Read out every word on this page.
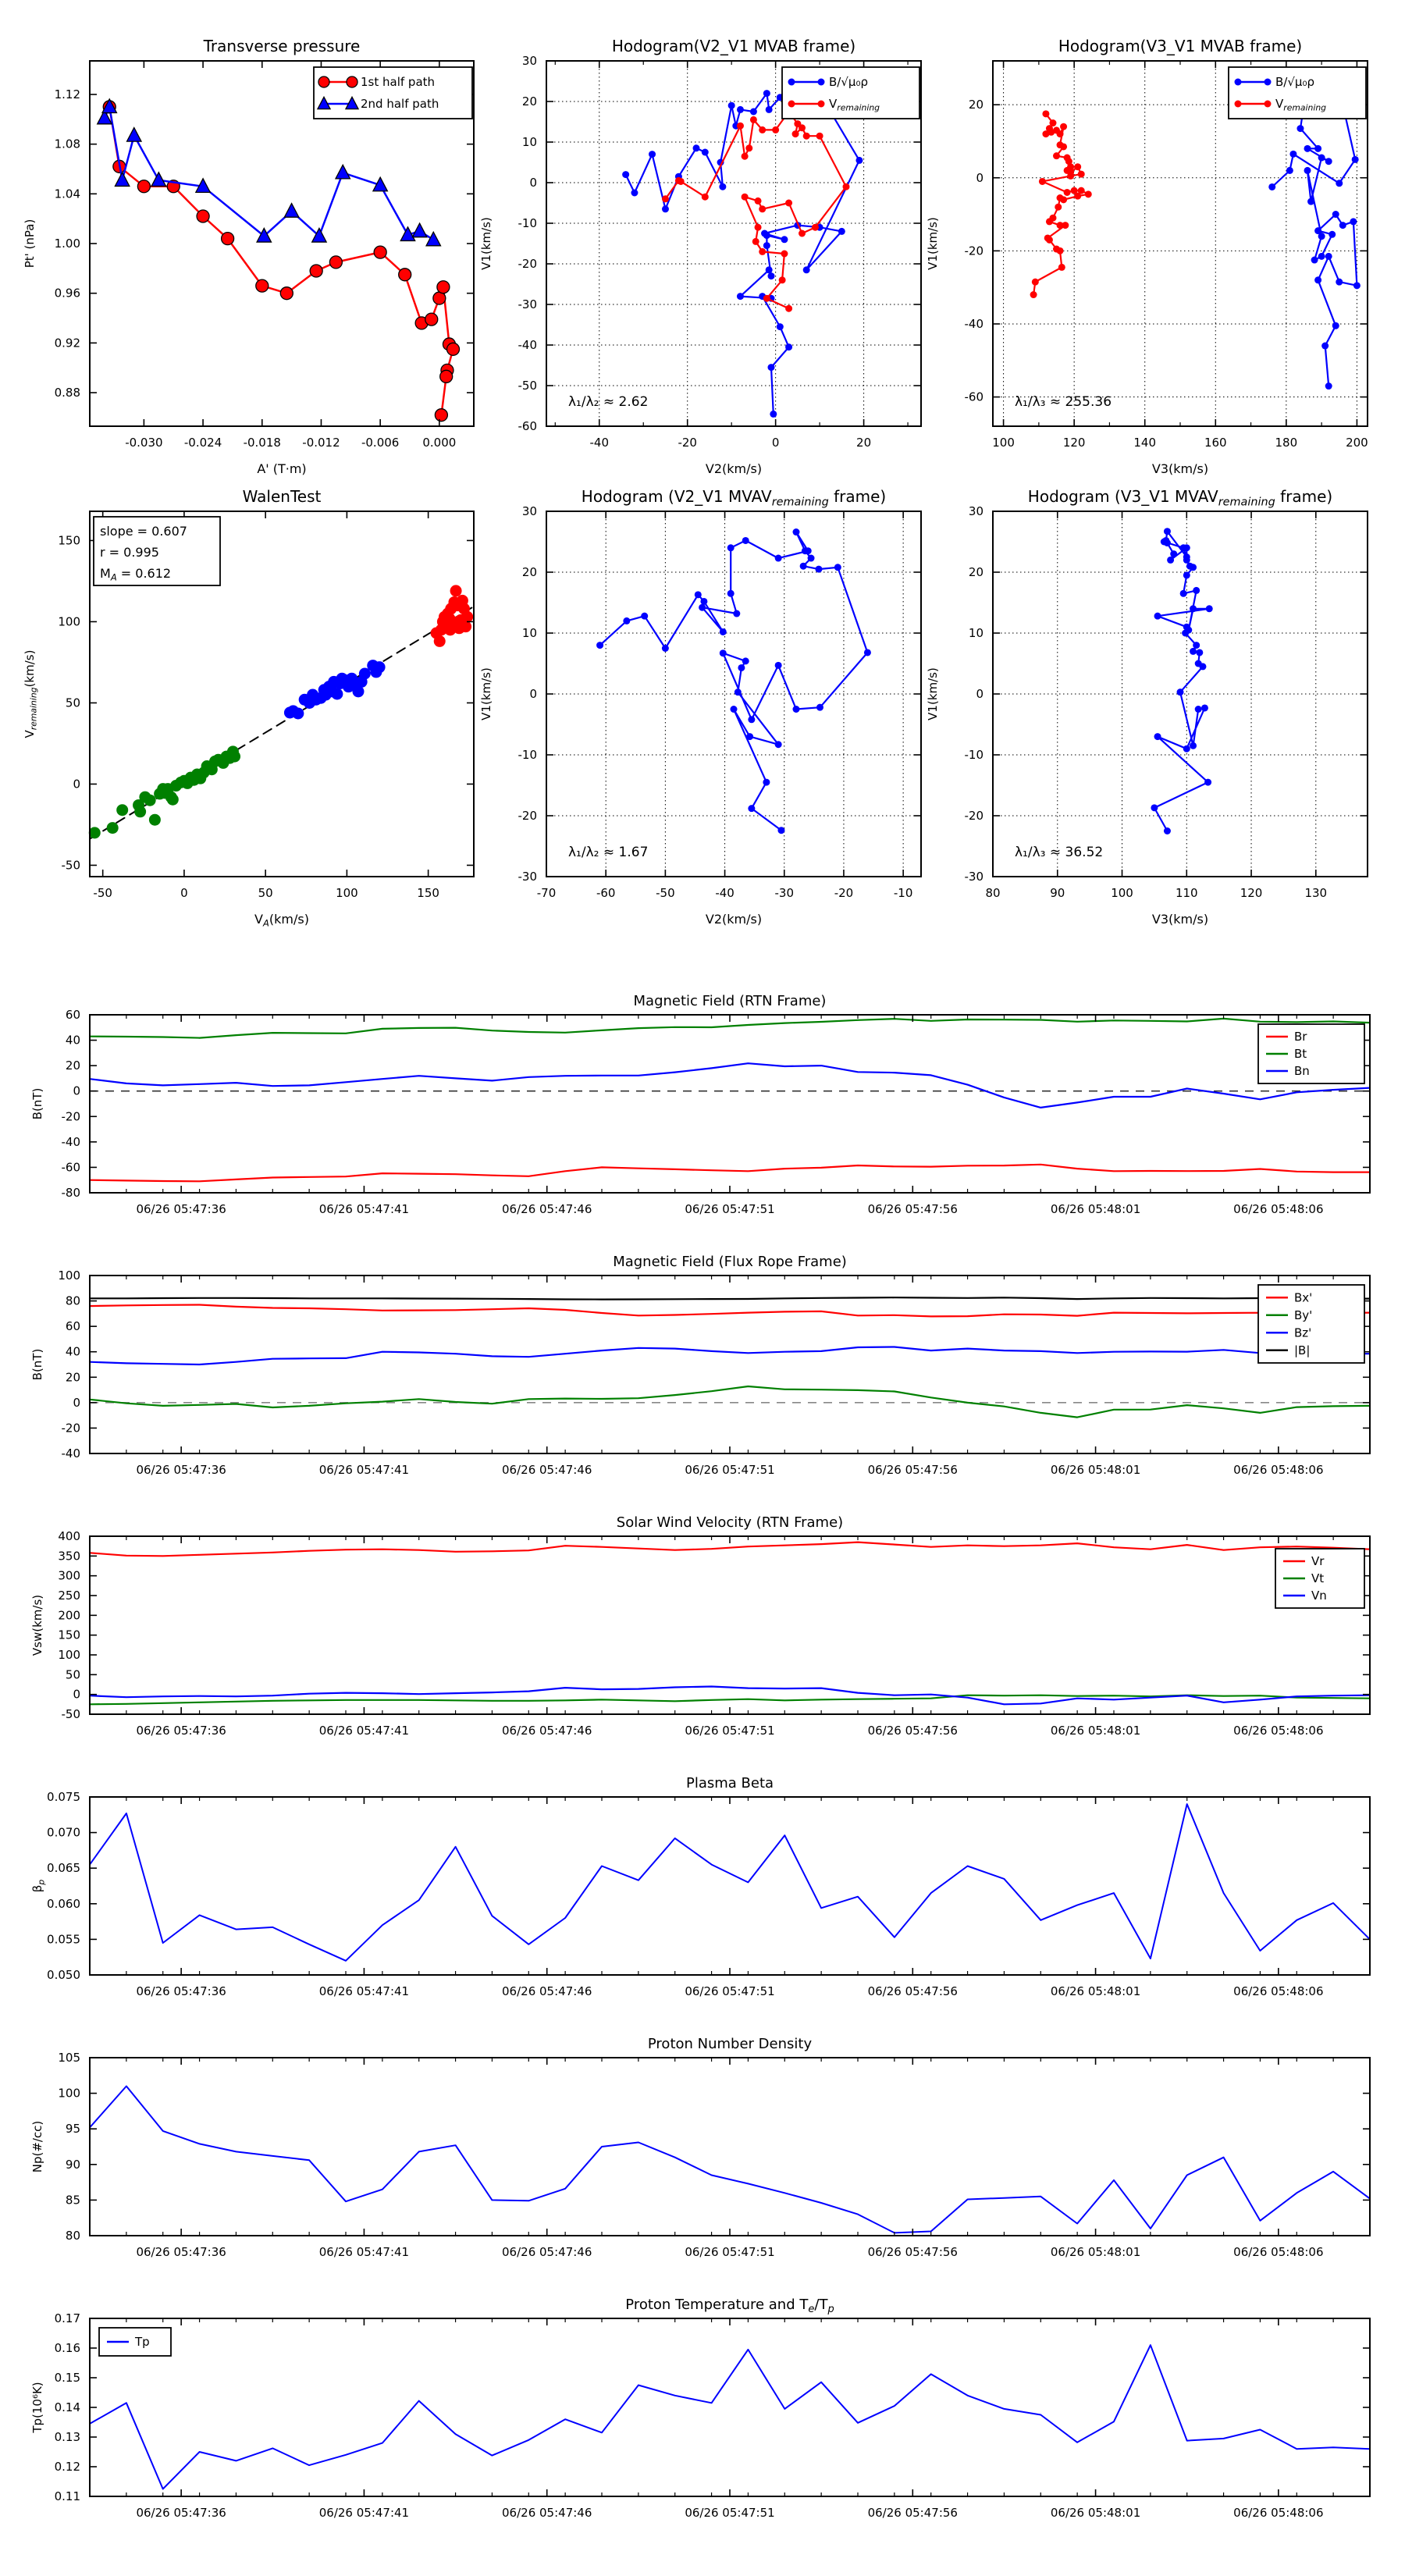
-0.030 -0.024 -0.018 -0.012 -0.006 0.000
1.12
1.08
1.04
1.00
0.96
0.92
0.88
Transverse pressure
A' (T·m)
Pt' (nPa)
1st half path
2nd half path
-40	-20	0	20
30
20
10
0
-10
-20
-30
-40
-50
-60
Hodogram(V2_V1 MVAB frame)
V2(km/s)
V1(km/s)
λ₁/λ₂ ≈ 2.62
B/√μ₀ρ
$V_{remaining}$
100	120	140	160	180	200
20
0
-20
-40
-60
Hodogram(V3_V1 MVAB frame)
V3(km/s)
V1(km/s)
λ₁/λ₃ ≈ 255.36
B/√μ₀ρ
$V_{remaining}$
-50	0	50	100	150
150
100
50
0
-50
WalenTest
$V_A(km/s)$
$V_{remaining}(km/s)$
slope = 0.607
r = 0.995
$M_A = 0.612$
-70	-60	-50	-40	-30	-20	-10
30
20
10
0
-10
-20
-30
Hodogram (V2_V1 $MVAV_{remaining}$ frame)
V2(km/s)
V1(km/s)
λ₁/λ₂ ≈ 1.67
80	90	100	110	120	130
30
20
10
0
-10
-20
-30
Hodogram (V3_V1 $MVAV_{remaining}$ frame)
V3(km/s)
V1(km/s)
λ₁/λ₃ ≈ 36.52
06/26 05:47:36	06/26 05:47:41	06/26 05:47:46	06/26 05:47:51	06/26 05:47:56	06/26 05:48:01	06/26 05:48:06
60
40
20
0
-20
-40
-60
-80
Magnetic Field (RTN Frame)
B(nT)
Br
Bt
Bn
06/26 05:47:36	06/26 05:47:41	06/26 05:47:46	06/26 05:47:51	06/26 05:47:56	06/26 05:48:01	06/26 05:48:06
100
80
60
40
20
0
-20
-40
Magnetic Field (Flux Rope Frame)
B(nT)
Bx'
By'
Bz'
|B|
06/26 05:47:36	06/26 05:47:41	06/26 05:47:46	06/26 05:47:51	06/26 05:47:56	06/26 05:48:01	06/26 05:48:06
400
350
300
250
200
150
100
50
0
-50
Solar Wind Velocity (RTN Frame)
Vsw(km/s)
Vr
Vt
Vn
06/26 05:47:36	06/26 05:47:41	06/26 05:47:46	06/26 05:47:51	06/26 05:47:56	06/26 05:48:01	06/26 05:48:06
0.075
0.070
0.065
0.060
0.055
0.050
Plasma Beta
$\beta_p$
06/26 05:47:36	06/26 05:47:41	06/26 05:47:46	06/26 05:47:51	06/26 05:47:56	06/26 05:48:01	06/26 05:48:06
105
100
95
90
85
80
Proton Number Density
Np(#/cc)
06/26 05:47:36	06/26 05:47:41	06/26 05:47:46	06/26 05:47:51	06/26 05:47:56	06/26 05:48:01	06/26 05:48:06
0.17
0.16
0.15
0.14
0.13
0.12
0.11
Proton Temperature and $T_e/T_p$
Tp(10⁶K)
Tp
